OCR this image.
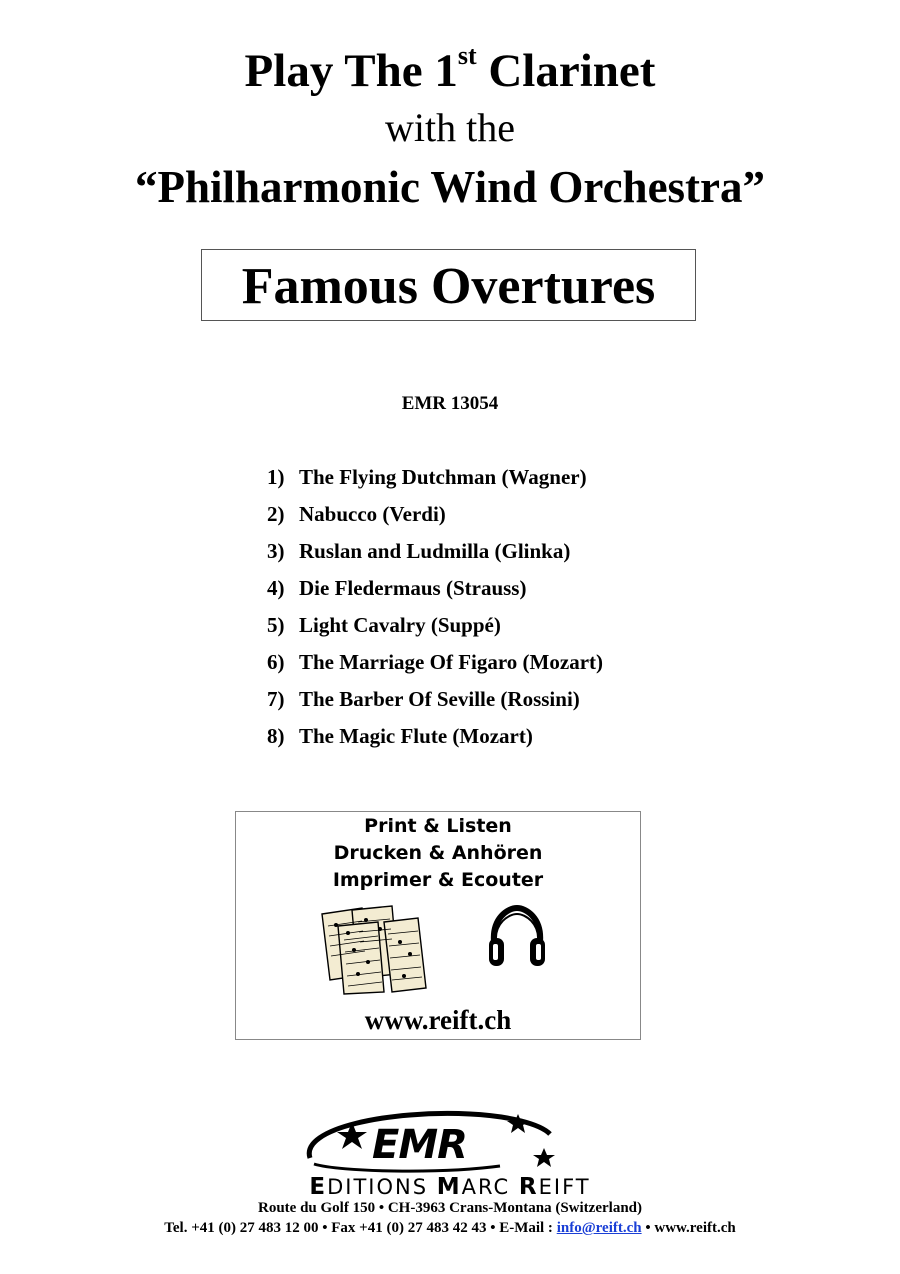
Play The 1st Clarinet
with the
“Philharmonic Wind Orchestra”
Famous Overtures
EMR 13054
1) The Flying Dutchman (Wagner)
2) Nabucco (Verdi)
3) Ruslan and Ludmilla (Glinka)
4) Die Fledermaus (Strauss)
5) Light Cavalry (Suppé)
6) The Marriage Of Figaro (Mozart)
7) The Barber Of Seville (Rossini)
8) The Magic Flute (Mozart)
Print & Listen
Drucken & Anhören
Imprimer & Ecouter
www.reift.ch
EMR
EDITIONS MARC REIFT
Route du Golf 150 • CH-3963 Crans-Montana (Switzerland)
Tel. +41 (0) 27 483 12 00 • Fax +41 (0) 27 483 42 43 • E-Mail : info@reift.ch • www.reift.ch
